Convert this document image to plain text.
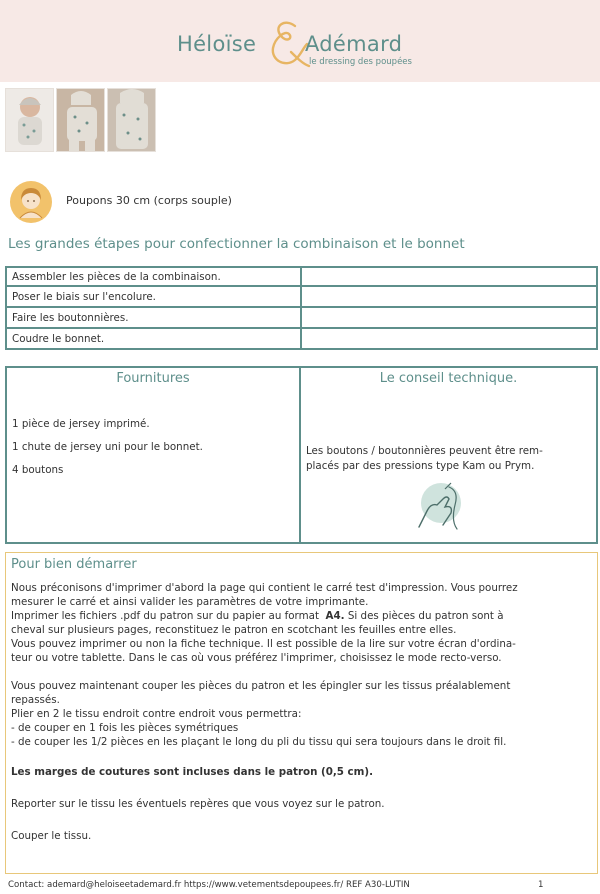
Héloïse Adémard
le dressing des poupées
Poupons 30 cm (corps souple)
Les grandes étapes pour confectionner la combinaison et le bonnet
Assembler les pièces de la combinaison.	
Poser le biais sur l'encolure.	
Faire les boutonnières.	
Coudre le bonnet.	
Fournitures
1 pièce de jersey imprimé.
1 chute de jersey uni pour le bonnet.
4 boutons
Le conseil technique.
Les boutons / boutonnières peuvent être rem-
placés par des pressions type Kam ou Prym.
Pour bien démarrer
Nous préconisons d'imprimer d'abord la page qui contient le carré test d'impression. Vous pourrez
mesurer le carré et ainsi valider les paramètres de votre imprimante.
Imprimer les fichiers .pdf du patron sur du papier au format A4. Si des pièces du patron sont à
cheval sur plusieurs pages, reconstituez le patron en scotchant les feuilles entre elles.
Vous pouvez imprimer ou non la fiche technique. Il est possible de la lire sur votre écran d'ordina-
teur ou votre tablette. Dans le cas où vous préférez l'imprimer, choisissez le mode recto-verso.
Vous pouvez maintenant couper les pièces du patron et les épingler sur les tissus préalablement
repassés.
Plier en 2 le tissu endroit contre endroit vous permettra:
- de couper en 1 fois les pièces symétriques
- de couper les 1/2 pièces en les plaçant le long du pli du tissu qui sera toujours dans le droit fil.
Les marges de coutures sont incluses dans le patron (0,5 cm).
Reporter sur le tissu les éventuels repères que vous voyez sur le patron.
Couper le tissu.
Contact: ademard@heloiseetademard.fr https://www.vetementsdepoupees.fr/ REF A30-LUTIN	1
